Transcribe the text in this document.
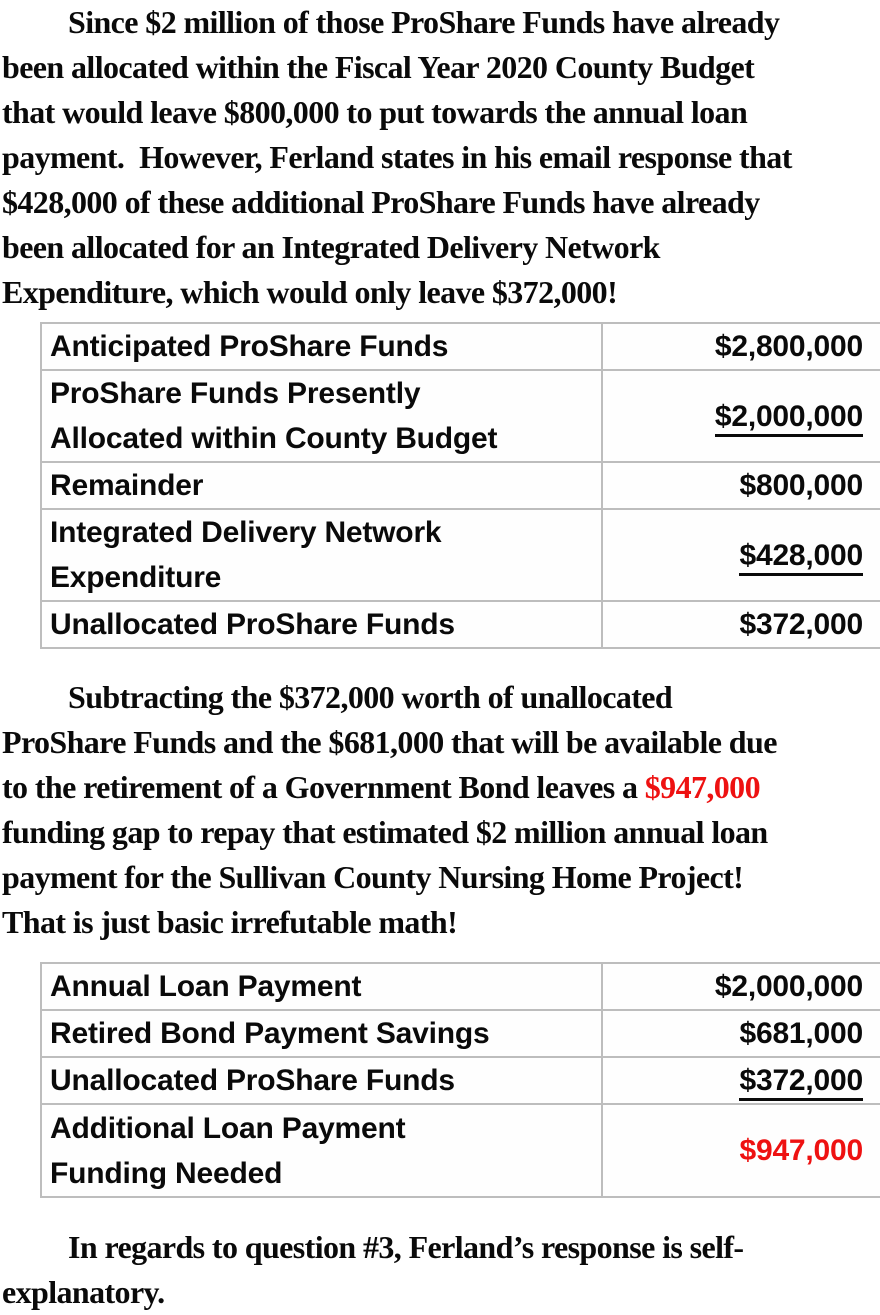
Since $2 million of those ProShare Funds have already
been allocated within the Fiscal Year 2020 County Budget
that would leave $800,000 to put towards the annual loan
payment.  However, Ferland states in his email response that
$428,000 of these additional ProShare Funds have already
been allocated for an Integrated Delivery Network
Expenditure, which would only leave $372,000!
Anticipated ProShare Funds	$2,800,000

ProShare Funds Presently
Allocated within County Budget	$2,000,000

Remainder	$800,000

Integrated Delivery Network
Expenditure	$428,000

Unallocated ProShare Funds	$372,000
Subtracting the $372,000 worth of unallocated
ProShare Funds and the $681,000 that will be available due
to the retirement of a Government Bond leaves a $947,000
funding gap to repay that estimated $2 million annual loan
payment for the Sullivan County Nursing Home Project!
That is just basic irrefutable math!
Annual Loan Payment	$2,000,000

Retired Bond Payment Savings	$681,000

Unallocated ProShare Funds	$372,000

Additional Loan Payment
Funding Needed	$947,000
In regards to question #3, Ferland’s response is self-
explanatory.
